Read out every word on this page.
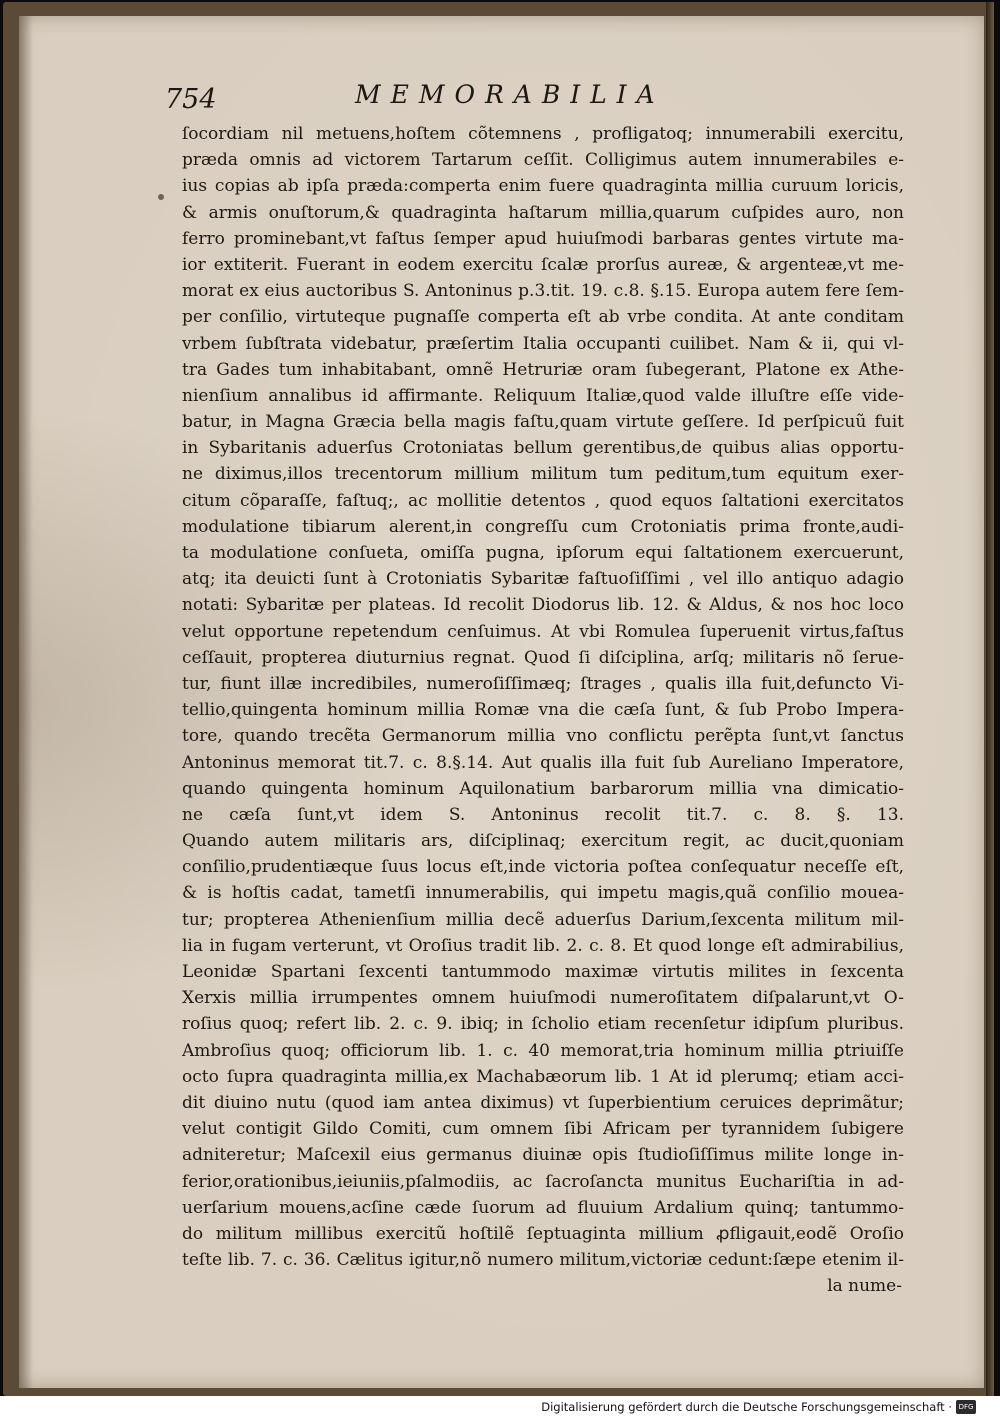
754	MEMORABILIA
ſocordiam nil metuens,hoſtem cõtemnens , profligatoq; innumerabili exercitu,
præda omnis ad victorem Tartarum ceſſit. Colligimus autem innumerabiles e-
ius copias ab ipſa præda:comperta enim fuere quadraginta millia curuum loricis,
& armis onuſtorum,& quadraginta haſtarum millia,quarum cuſpides auro, non
ferro prominebant,vt faſtus ſemper apud huiuſmodi barbaras gentes virtute ma-
ior extiterit. Fuerant in eodem exercitu ſcalæ prorſus aureæ, & argenteæ,vt me-
morat ex eius auctoribus S. Antoninus p.3.tit. 19. c.8. §.15. Europa autem fere ſem-
per conſilio, virtuteque pugnaſſe comperta eſt ab vrbe condita. At ante conditam
vrbem ſubſtrata videbatur, præſertim Italia occupanti cuilibet. Nam & ii, qui vl-
tra Gades tum inhabitabant, omnẽ Hetruriæ oram ſubegerant, Platone ex Athe-
nienſium annalibus id affirmante. Reliquum Italiæ,quod valde illuſtre eſſe vide-
batur, in Magna Græcia bella magis faſtu,quam virtute geſſere. Id perſpicuũ fuit
in Sybaritanis aduerſus Crotoniatas bellum gerentibus,de quibus alias opportu-
ne diximus,illos trecentorum millium militum tum peditum,tum equitum exer-
citum cõparaſſe, faſtuq;, ac mollitie detentos , quod equos ſaltationi exercitatos
modulatione tibiarum alerent,in congreſſu cum Crotoniatis prima fronte,audi-
ta modulatione conſueta, omiſſa pugna, ipſorum equi ſaltationem exercuerunt,
atq; ita deuicti ſunt à Crotoniatis Sybaritæ faſtuoſiſſimi , vel illo antiquo adagio
notati: Sybaritæ per plateas. Id recolit Diodorus lib. 12. & Aldus, & nos hoc loco
velut opportune repetendum cenſuimus. At vbi Romulea ſuperuenit virtus,faſtus
ceſſauit, propterea diuturnius regnat. Quod ſi diſciplina, arſq; militaris nõ ſerue-
tur, fiunt illæ incredibiles, numeroſiſſimæq; ſtrages , qualis illa fuit,defuncto Vi-
tellio,quingenta hominum millia Romæ vna die cæſa ſunt, & ſub Probo Impera-
tore, quando trecẽta Germanorum millia vno conflictu perẽpta ſunt,vt ſanctus
Antoninus memorat tit.7. c. 8.§.14. Aut qualis illa fuit ſub Aureliano Imperatore,
quando quingenta hominum Aquilonatium barbarorum millia vna dimicatio-
ne cæſa ſunt,vt idem S. Antoninus recolit tit.7. c. 8. §. 13.
Quando autem militaris ars, diſciplinaq; exercitum regit, ac ducit,quoniam
conſilio,prudentiæque ſuus locus eſt,inde victoria poſtea conſequatur neceſſe eſt,
& is hoſtis cadat, tametſi innumerabilis, qui impetu magis,quã conſilio moueа-
tur; propterea Athenienſium millia decẽ aduerſus Darium,ſexcenta militum mil-
lia in fugam verterunt, vt Oroſius tradit lib. 2. c. 8. Et quod longe eſt admirabilius,
Leonidæ Spartani ſexcenti tantummodo maximæ virtutis milites in ſexcenta
Xerxis millia irrumpentes omnem huiuſmodi numeroſitatem diſpalarunt,vt O-
roſius quoq; refert lib. 2. c. 9. ibiq; in ſcholio etiam recenſetur idipſum pluribus.
Ambroſius quoq; officiorum lib. 1. c. 40 memorat,tria hominum millia ꝑtriuiſſe
octo ſupra quadraginta millia,ex Machabæorum lib. 1 At id plerumq; etiam acci-
dit diuino nutu (quod iam antea diximus) vt ſuperbientium ceruices deprimãtur;
velut contigit Gildo Comiti, cum omnem ſibi Africam per tyrannidem ſubigere
adniteretur; Maſcexil eius germanus diuinæ opis ſtudioſiſſimus milite longe in-
ferior,orationibus,ieiuniis,pſalmodiis, ac ſacroſancta munitus Euchariſtia in ad-
uerſarium mouens,acſine cæde ſuorum ad fluuium Ardalium quinq; tantummo-
do militum millibus exercitũ hoſtilẽ ſeptuaginta millium ꝓfligauit,eodẽ Oroſio
teſte lib. 7. c. 36. Cælitus igitur,nõ numero militum,victoriæ cedunt:ſæpe etenim il-
la nume-
Digitalisierung gefördert durch die Deutsche Forschungsgemeinschaft · DFG
